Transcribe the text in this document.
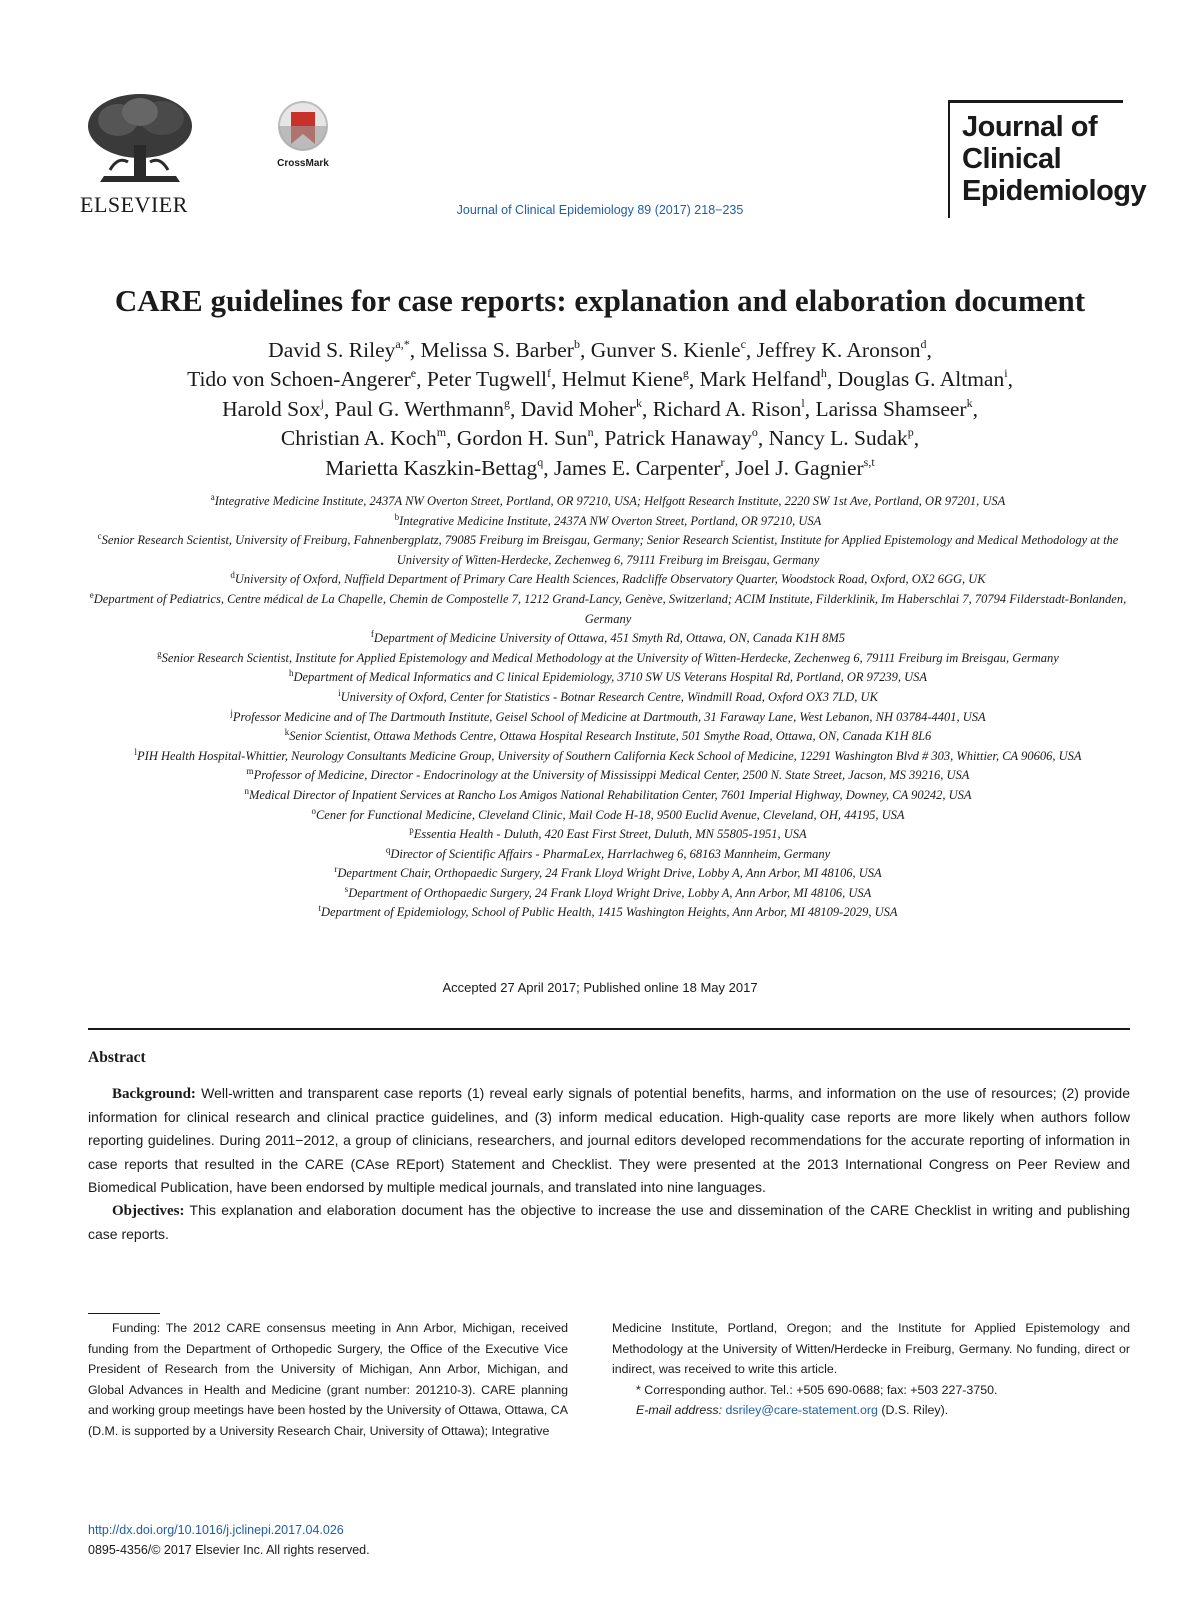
ELSEVIER
CrossMark
Journal of Clinical Epidemiology 89 (2017) 218−235
Journal of
Clinical
Epidemiology
CARE guidelines for case reports: explanation and elaboration document
David S. Riley$^{a,*}$, Melissa S. Barber$^b$, Gunver S. Kienle$^c$, Jeffrey K. Aronson$^d$,
Tido von Schoen-Angerer$^e$, Peter Tugwell$^f$, Helmut Kiene$^g$, Mark Helfand$^h$, Douglas G. Altman$^i$,
Harold Sox$^j$, Paul G. Werthmann$^g$, David Moher$^k$, Richard A. Rison$^l$, Larissa Shamseer$^k$,
Christian A. Koch$^m$, Gordon H. Sun$^n$, Patrick Hanaway$^o$, Nancy L. Sudak$^p$,
Marietta Kaszkin-Bettag$^q$, James E. Carpenter$^r$, Joel J. Gagnier$^{s,t}$
$^a$Integrative Medicine Institute, 2437A NW Overton Street, Portland, OR 97210, USA; Helfgott Research Institute, 2220 SW 1st Ave, Portland, OR 97201, USA
$^b$Integrative Medicine Institute, 2437A NW Overton Street, Portland, OR 97210, USA
$^c$Senior Research Scientist, University of Freiburg, Fahnenbergplatz, 79085 Freiburg im Breisgau, Germany; Senior Research Scientist, Institute for Applied Epistemology and Medical Methodology at the University of Witten-Herdecke, Zechenweg 6, 79111 Freiburg im Breisgau, Germany
$^d$University of Oxford, Nuffield Department of Primary Care Health Sciences, Radcliffe Observatory Quarter, Woodstock Road, Oxford, OX2 6GG, UK
$^e$Department of Pediatrics, Centre médical de La Chapelle, Chemin de Compostelle 7, 1212 Grand-Lancy, Genève, Switzerland; ACIM Institute, Filderklinik, Im Haberschlai 7, 70794 Filderstadt-Bonlanden, Germany
$^f$Department of Medicine University of Ottawa, 451 Smyth Rd, Ottawa, ON, Canada K1H 8M5
$^g$Senior Research Scientist, Institute for Applied Epistemology and Medical Methodology at the University of Witten-Herdecke, Zechenweg 6, 79111 Freiburg im Breisgau, Germany
$^h$Department of Medical Informatics and C linical Epidemiology, 3710 SW US Veterans Hospital Rd, Portland, OR 97239, USA
$^i$University of Oxford, Center for Statistics - Botnar Research Centre, Windmill Road, Oxford OX3 7LD, UK
$^j$Professor Medicine and of The Dartmouth Institute, Geisel School of Medicine at Dartmouth, 31 Faraway Lane, West Lebanon, NH 03784-4401, USA
$^k$Senior Scientist, Ottawa Methods Centre, Ottawa Hospital Research Institute, 501 Smythe Road, Ottawa, ON, Canada K1H 8L6
$^l$PIH Health Hospital-Whittier, Neurology Consultants Medicine Group, University of Southern California Keck School of Medicine, 12291 Washington Blvd # 303, Whittier, CA 90606, USA
$^m$Professor of Medicine, Director - Endocrinology at the University of Mississippi Medical Center, 2500 N. State Street, Jacson, MS 39216, USA
$^n$Medical Director of Inpatient Services at Rancho Los Amigos National Rehabilitation Center, 7601 Imperial Highway, Downey, CA 90242, USA
$^o$Cener for Functional Medicine, Cleveland Clinic, Mail Code H-18, 9500 Euclid Avenue, Cleveland, OH, 44195, USA
$^p$Essentia Health - Duluth, 420 East First Street, Duluth, MN 55805-1951, USA
$^q$Director of Scientific Affairs - PharmaLex, Harrlachweg 6, 68163 Mannheim, Germany
$^r$Department Chair, Orthopaedic Surgery, 24 Frank Lloyd Wright Drive, Lobby A, Ann Arbor, MI 48106, USA
$^s$Department of Orthopaedic Surgery, 24 Frank Lloyd Wright Drive, Lobby A, Ann Arbor, MI 48106, USA
$^t$Department of Epidemiology, School of Public Health, 1415 Washington Heights, Ann Arbor, MI 48109-2029, USA
Accepted 27 April 2017; Published online 18 May 2017
Abstract

Background: Well-written and transparent case reports (1) reveal early signals of potential benefits, harms, and information on the use of resources; (2) provide information for clinical research and clinical practice guidelines, and (3) inform medical education. High-quality case reports are more likely when authors follow reporting guidelines. During 2011−2012, a group of clinicians, researchers, and journal editors developed recommendations for the accurate reporting of information in case reports that resulted in the CARE (CAse REport) Statement and Checklist. They were presented at the 2013 International Congress on Peer Review and Biomedical Publication, have been endorsed by multiple medical journals, and translated into nine languages.

Objectives: This explanation and elaboration document has the objective to increase the use and dissemination of the CARE Checklist in writing and publishing case reports.

Funding: The 2012 CARE consensus meeting in Ann Arbor, Michigan, received funding from the Department of Orthopedic Surgery, the Office of the Executive Vice President of Research from the University of Michigan, Ann Arbor, Michigan, and Global Advances in Health and Medicine (grant number: 201210-3). CARE planning and working group meetings have been hosted by the University of Ottawa, Ottawa, CA (D.M. is supported by a University Research Chair, University of Ottawa); Integrative
Medicine Institute, Portland, Oregon; and the Institute for Applied Epistemology and Methodology at the University of Witten/Herdecke in Freiburg, Germany. No funding, direct or indirect, was received to write this article.
* Corresponding author. Tel.: +505 690-0688; fax: +503 227-3750.
E-mail address: dsriley@care-statement.org (D.S. Riley).
http://dx.doi.org/10.1016/j.jclinepi.2017.04.026
0895-4356/© 2017 Elsevier Inc. All rights reserved.
